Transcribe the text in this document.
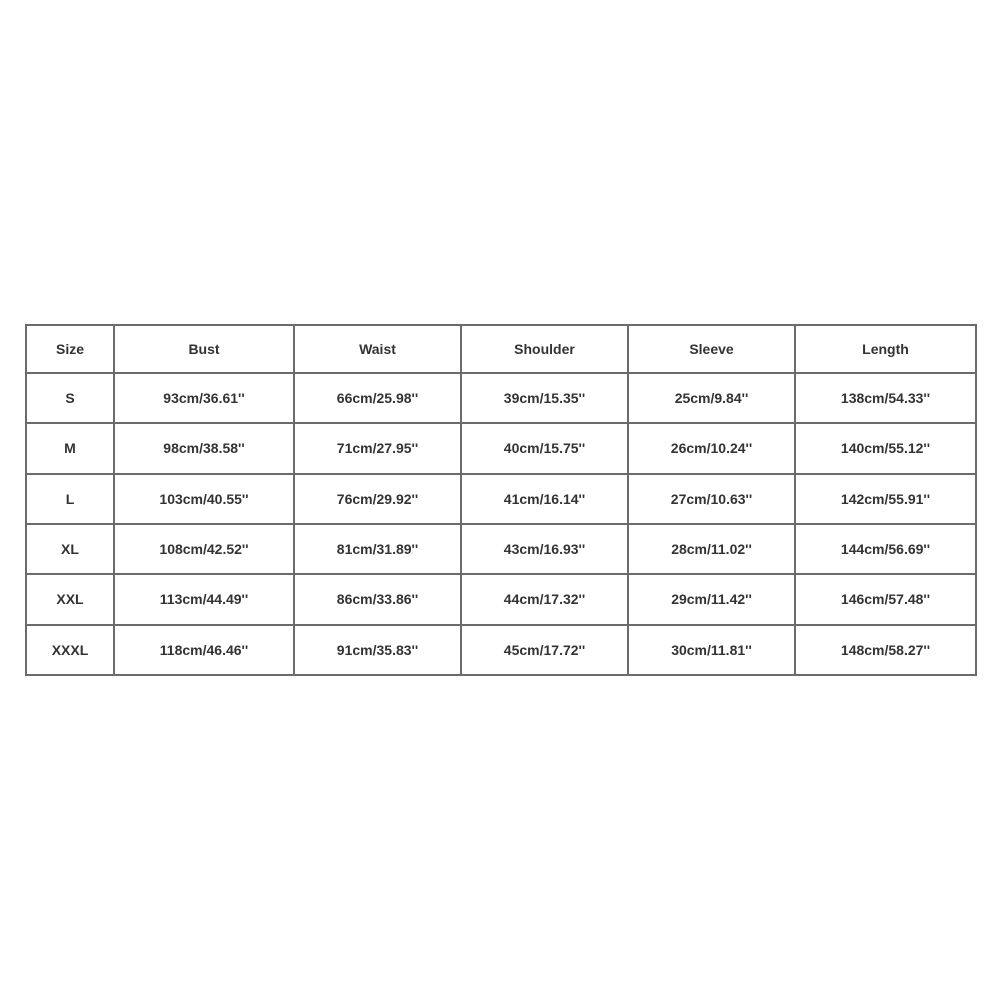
Size	Bust	Waist	Shoulder	Sleeve	Length
S	93cm/36.61''	66cm/25.98''	39cm/15.35''	25cm/9.84''	138cm/54.33''
M	98cm/38.58''	71cm/27.95''	40cm/15.75''	26cm/10.24''	140cm/55.12''
L	103cm/40.55''	76cm/29.92''	41cm/16.14''	27cm/10.63''	142cm/55.91''
XL	108cm/42.52''	81cm/31.89''	43cm/16.93''	28cm/11.02''	144cm/56.69''
XXL	113cm/44.49''	86cm/33.86''	44cm/17.32''	29cm/11.42''	146cm/57.48''
XXXL	118cm/46.46''	91cm/35.83''	45cm/17.72''	30cm/11.81''	148cm/58.27''
